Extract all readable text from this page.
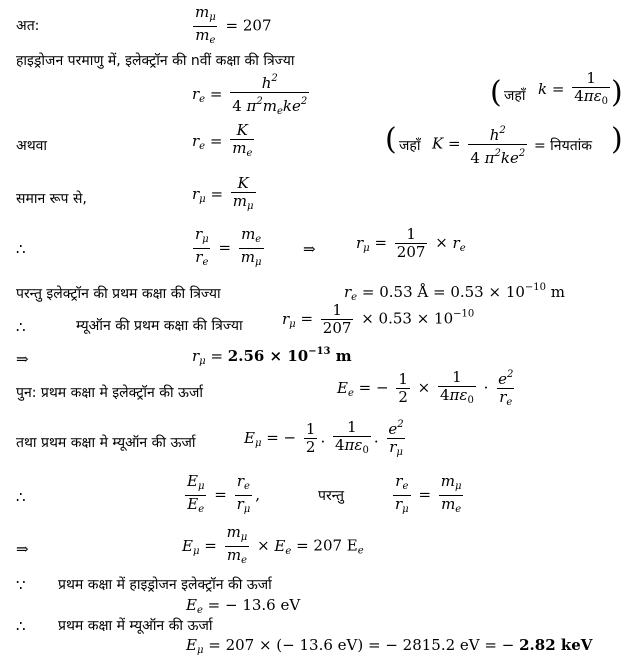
अत:	$\frac{m_\mu}{m_e} = 207$
हाइड्रोजन परमाणु में, इलेक्ट्रॉन की nवीं कक्षा की त्रिज्या
$r_e = \frac{h^2}{4 \pi^2m_eke^2}$	( जहाँ $k = \frac{1}{4\pi\varepsilon_0}$ )
अथवा	$r_e = \frac{K}{m_e}$	( जहाँ $K = \frac{h^2}{4 \pi^2ke^2}$ = नियतांक )
समान रूप से,	$r_\mu = \frac{K}{m_\mu}$
∴	$\frac{r_\mu}{r_e} = \frac{m_e}{m_\mu}$	⇒	$r_\mu = \frac{1}{207} \times r_e$
परन्तु इलेक्ट्रॉन की प्रथम कक्षा की त्रिज्या	$r_e = 0.53$ Å = $0.53 \times 10^{-10}$ m
∴	म्यूऑन की प्रथम कक्षा की त्रिज्या	$r_\mu = \frac{1}{207} \times 0.53 \times 10^{-10}$
⇒	$r_\mu = 2.56 \times 10^{-13}$ m
पुन: प्रथम कक्षा मे इलेक्ट्रॉन की ऊर्जा	$E_e$ = − $\frac{1}{2} \times \frac{1}{4\pi\varepsilon_0} \cdot \frac{e^2}{r_e}$
तथा प्रथम कक्षा मे म्यूऑन की ऊर्जा	$E_\mu$ = − $\frac{1}{2}$ . $\frac{1}{4\pi\varepsilon_0}$ . $\frac{e^2}{r_\mu}$
∴	$\frac{E_\mu}{E_e} = \frac{r_e}{r_\mu}$ ,	परन्तु	$\frac{r_e}{r_\mu} = \frac{m_\mu}{m_e}$
⇒	$E_\mu = \frac{m_\mu}{m_e} \times E_e = 207$ $E_e$
∵ प्रथम कक्षा में हाइड्रोजन इलेक्ट्रॉन की ऊर्जा
$E_e$ = − 13.6 eV
∴ प्रथम कक्षा में म्यूऑन की ऊर्जा
$E_\mu = 207$ × (− 13.6 eV) = − 2815.2 eV = − 2.82 keV
